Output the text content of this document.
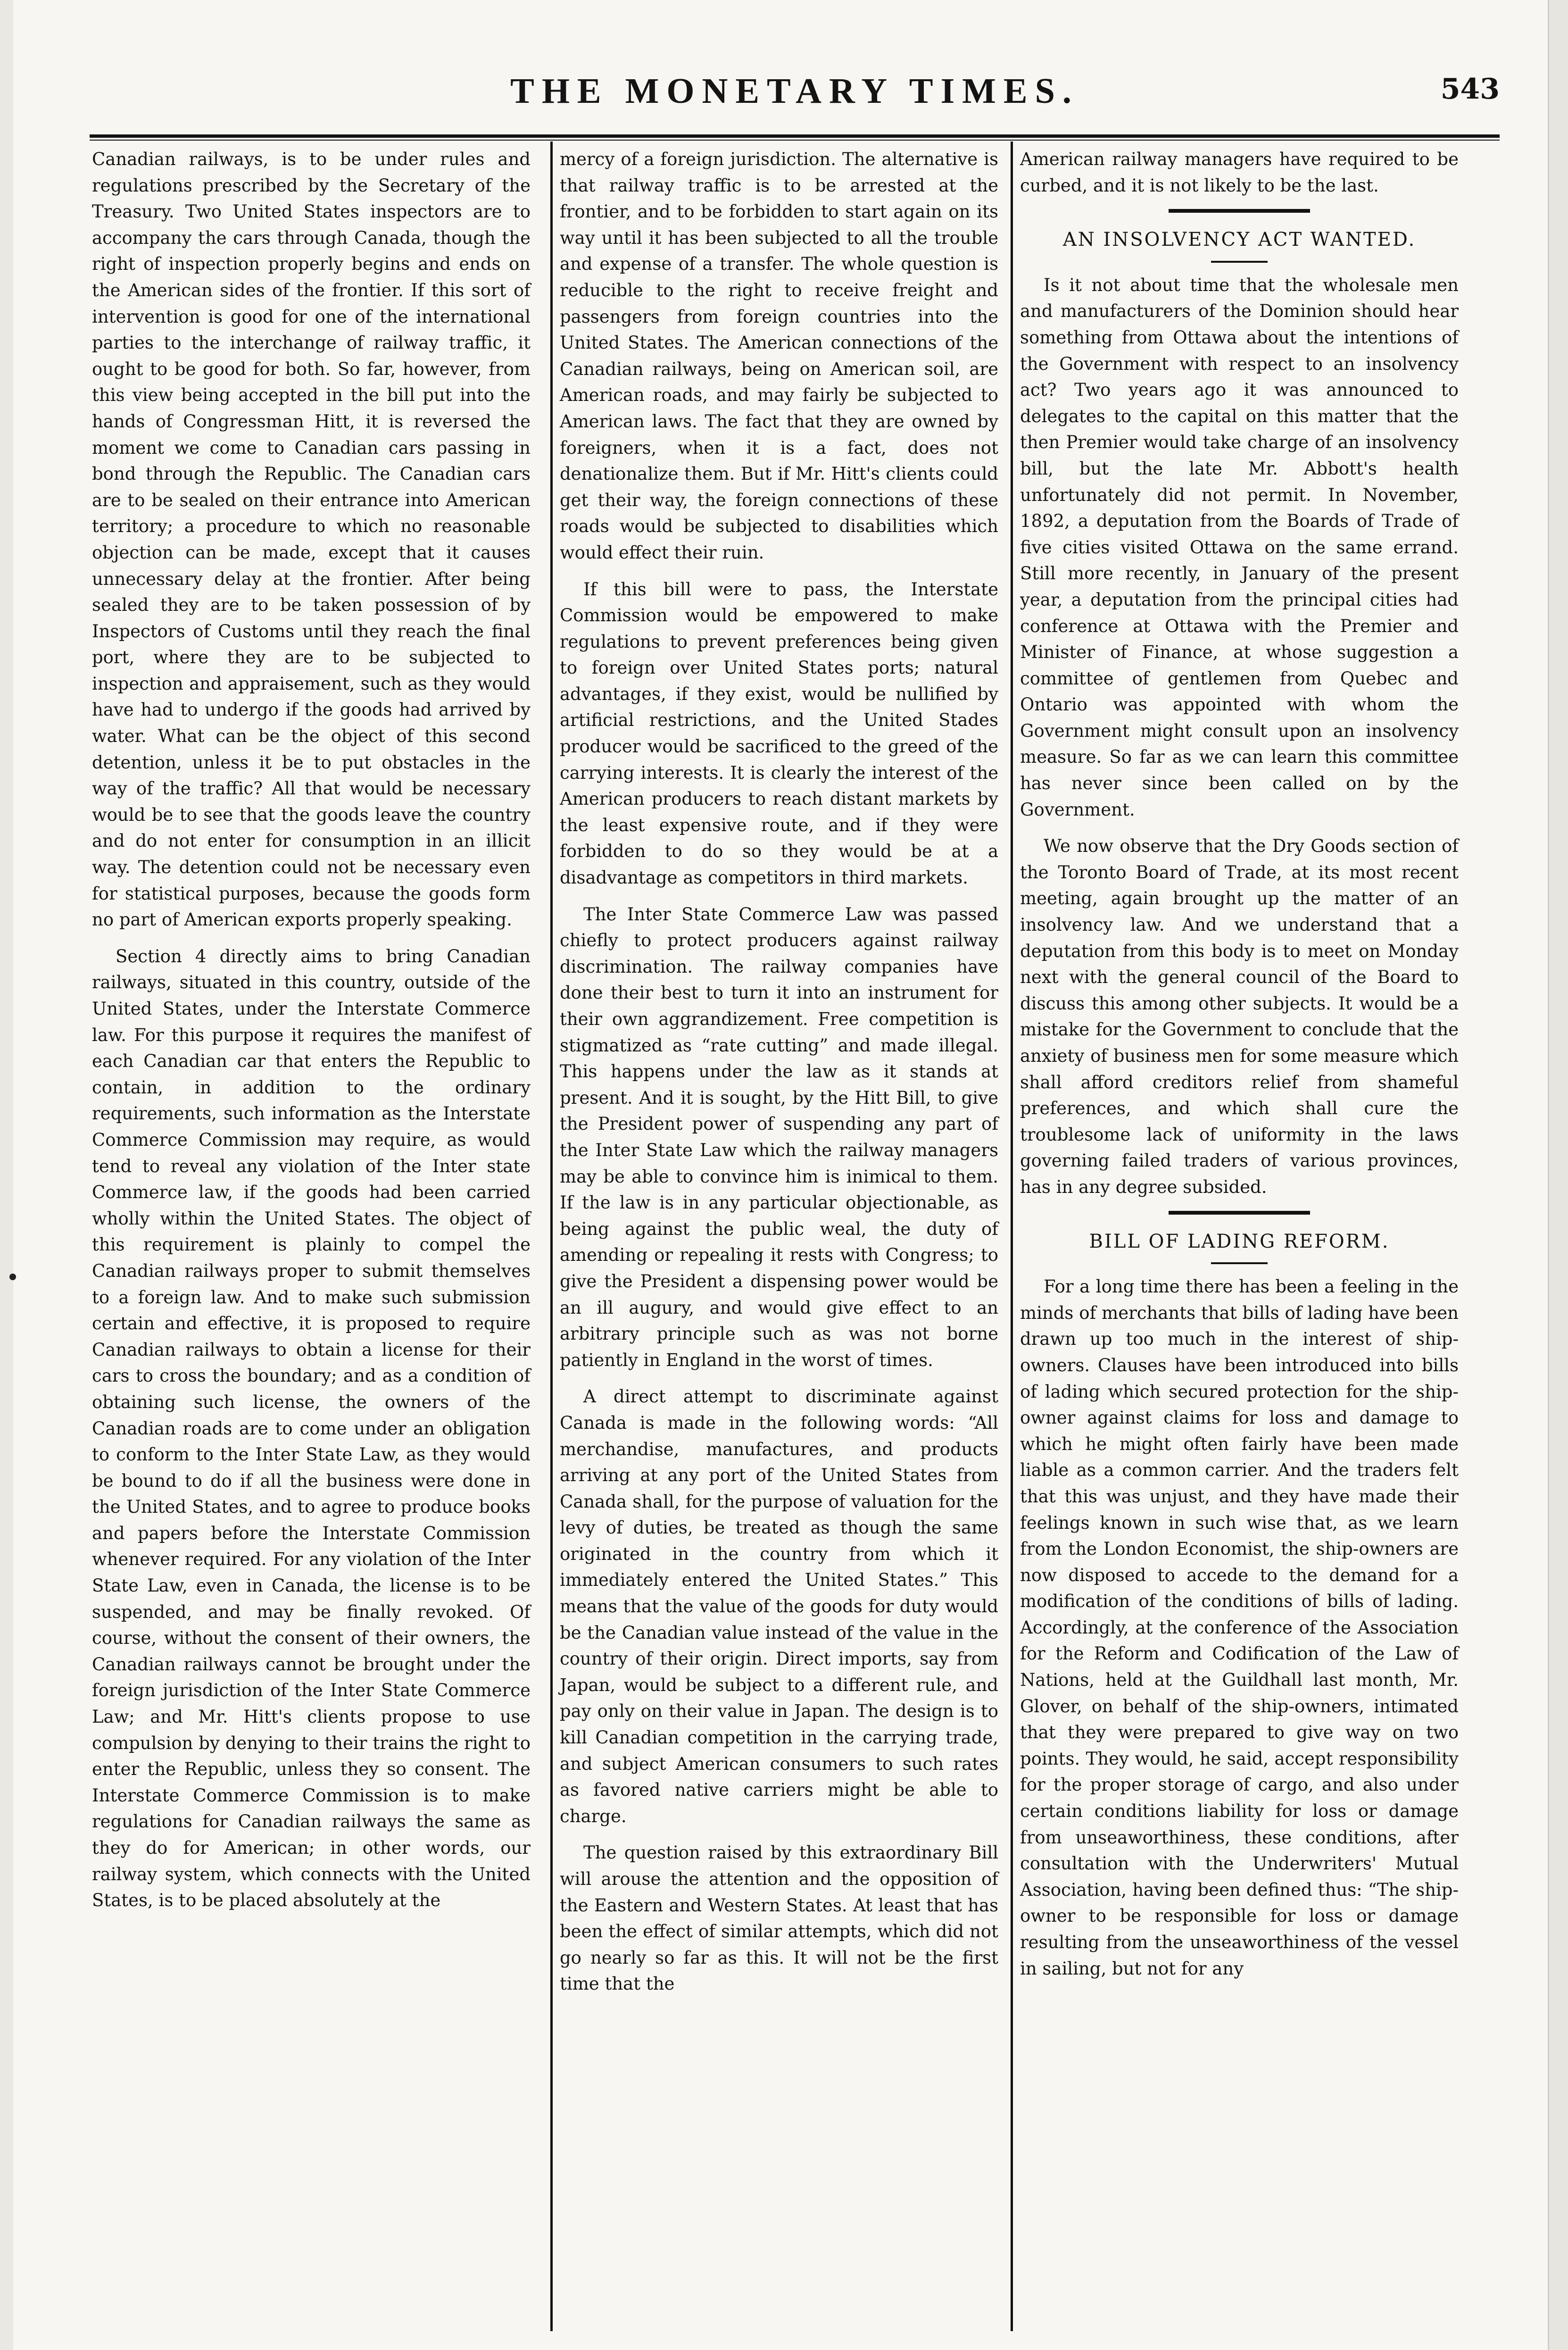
THE MONETARY TIMES.	543

Canadian railways, is to be under rules and regulations prescribed by the Secretary of the Treasury. Two United States inspectors are to accompany the cars through Canada, though the right of inspection properly begins and ends on the American sides of the frontier. If this sort of intervention is good for one of the international parties to the interchange of railway traffic, it ought to be good for both. So far, however, from this view being accepted in the bill put into the hands of Congressman Hitt, it is reversed the moment we come to Canadian cars passing in bond through the Republic. The Canadian cars are to be sealed on their entrance into American territory; a procedure to which no reasonable objection can be made, except that it causes unnecessary delay at the frontier. After being sealed they are to be taken possession of by Inspectors of Customs until they reach the final port, where they are to be subjected to inspection and appraisement, such as they would have had to undergo if the goods had arrived by water. What can be the object of this second detention, unless it be to put obstacles in the way of the traffic? All that would be necessary would be to see that the goods leave the country and do not enter for consumption in an illicit way. The detention could not be necessary even for statistical purposes, because the goods form no part of American exports properly speaking.

Section 4 directly aims to bring Canadian railways, situated in this country, outside of the United States, under the Interstate Commerce law. For this purpose it requires the manifest of each Canadian car that enters the Republic to contain, in addition to the ordinary requirements, such information as the Interstate Commerce Commission may require, as would tend to reveal any violation of the Inter state Commerce law, if the goods had been carried wholly within the United States. The object of this requirement is plainly to compel the Canadian railways proper to submit themselves to a foreign law. And to make such submission certain and effective, it is proposed to require Canadian railways to obtain a license for their cars to cross the boundary; and as a condition of obtaining such license, the owners of the Canadian roads are to come under an obligation to conform to the Inter State Law, as they would be bound to do if all the business were done in the United States, and to agree to produce books and papers before the Interstate Commission whenever required. For any violation of the Inter State Law, even in Canada, the license is to be suspended, and may be finally revoked. Of course, without the consent of their owners, the Canadian railways cannot be brought under the foreign jurisdiction of the Inter State Commerce Law; and Mr. Hitt's clients propose to use compulsion by denying to their trains the right to enter the Republic, unless they so consent. The Interstate Commerce Commission is to make regulations for Canadian railways the same as they do for American; in other words, our railway system, which connects with the United States, is to be placed absolutely at the

mercy of a foreign jurisdiction. The alternative is that railway traffic is to be arrested at the frontier, and to be forbidden to start again on its way until it has been subjected to all the trouble and expense of a transfer. The whole question is reducible to the right to receive freight and passengers from foreign countries into the United States. The American connections of the Canadian railways, being on American soil, are American roads, and may fairly be subjected to American laws. The fact that they are owned by foreigners, when it is a fact, does not denationalize them. But if Mr. Hitt's clients could get their way, the foreign connections of these roads would be subjected to disabilities which would effect their ruin.

If this bill were to pass, the Interstate Commission would be empowered to make regulations to prevent preferences being given to foreign over United States ports; natural advantages, if they exist, would be nullified by artificial restrictions, and the United Stades producer would be sacrificed to the greed of the carrying interests. It is clearly the interest of the American producers to reach distant markets by the least expensive route, and if they were forbidden to do so they would be at a disadvantage as competitors in third markets.

The Inter State Commerce Law was passed chiefly to protect producers against railway discrimination. The railway companies have done their best to turn it into an instrument for their own aggrandizement. Free competition is stigmatized as “rate cutting” and made illegal. This happens under the law as it stands at present. And it is sought, by the Hitt Bill, to give the President power of suspending any part of the Inter State Law which the railway managers may be able to convince him is inimical to them. If the law is in any particular objectionable, as being against the public weal, the duty of amending or repealing it rests with Congress; to give the President a dispensing power would be an ill augury, and would give effect to an arbitrary principle such as was not borne patiently in England in the worst of times.

A direct attempt to discriminate against Canada is made in the following words: “All merchandise, manufactures, and products arriving at any port of the United States from Canada shall, for the purpose of valuation for the levy of duties, be treated as though the same originated in the country from which it immediately entered the United States.” This means that the value of the goods for duty would be the Canadian value instead of the value in the country of their origin. Direct imports, say from Japan, would be subject to a different rule, and pay only on their value in Japan. The design is to kill Canadian competition in the carrying trade, and subject American consumers to such rates as favored native carriers might be able to charge.

The question raised by this extraordinary Bill will arouse the attention and the opposition of the Eastern and Western States. At least that has been the effect of similar attempts, which did not go nearly so far as this. It will not be the first time that the

American railway managers have required to be curbed, and it is not likely to be the last.

AN INSOLVENCY ACT WANTED.

Is it not about time that the wholesale men and manufacturers of the Dominion should hear something from Ottawa about the intentions of the Government with respect to an insolvency act? Two years ago it was announced to delegates to the capital on this matter that the then Premier would take charge of an insolvency bill, but the late Mr. Abbott's health unfortunately did not permit. In November, 1892, a deputation from the Boards of Trade of five cities visited Ottawa on the same errand. Still more recently, in January of the present year, a deputation from the principal cities had conference at Ottawa with the Premier and Minister of Finance, at whose suggestion a committee of gentlemen from Quebec and Ontario was appointed with whom the Government might consult upon an insolvency measure. So far as we can learn this committee has never since been called on by the Government.

We now observe that the Dry Goods section of the Toronto Board of Trade, at its most recent meeting, again brought up the matter of an insolvency law. And we understand that a deputation from this body is to meet on Monday next with the general council of the Board to discuss this among other subjects. It would be a mistake for the Government to conclude that the anxiety of business men for some measure which shall afford creditors relief from shameful preferences, and which shall cure the troublesome lack of uniformity in the laws governing failed traders of various provinces, has in any degree subsided.

BILL OF LADING REFORM.

For a long time there has been a feeling in the minds of merchants that bills of lading have been drawn up too much in the interest of ship-owners. Clauses have been introduced into bills of lading which secured protection for the ship-owner against claims for loss and damage to which he might often fairly have been made liable as a common carrier. And the traders felt that this was unjust, and they have made their feelings known in such wise that, as we learn from the London Economist, the ship-owners are now disposed to accede to the demand for a modification of the conditions of bills of lading. Accordingly, at the conference of the Association for the Reform and Codification of the Law of Nations, held at the Guildhall last month, Mr. Glover, on behalf of the ship-owners, intimated that they were prepared to give way on two points. They would, he said, accept responsibility for the proper storage of cargo, and also under certain conditions liability for loss or damage from unseaworthiness, these conditions, after consultation with the Underwriters' Mutual Association, having been defined thus: “The ship-owner to be responsible for loss or damage resulting from the unseaworthiness of the vessel in sailing, but not for any
